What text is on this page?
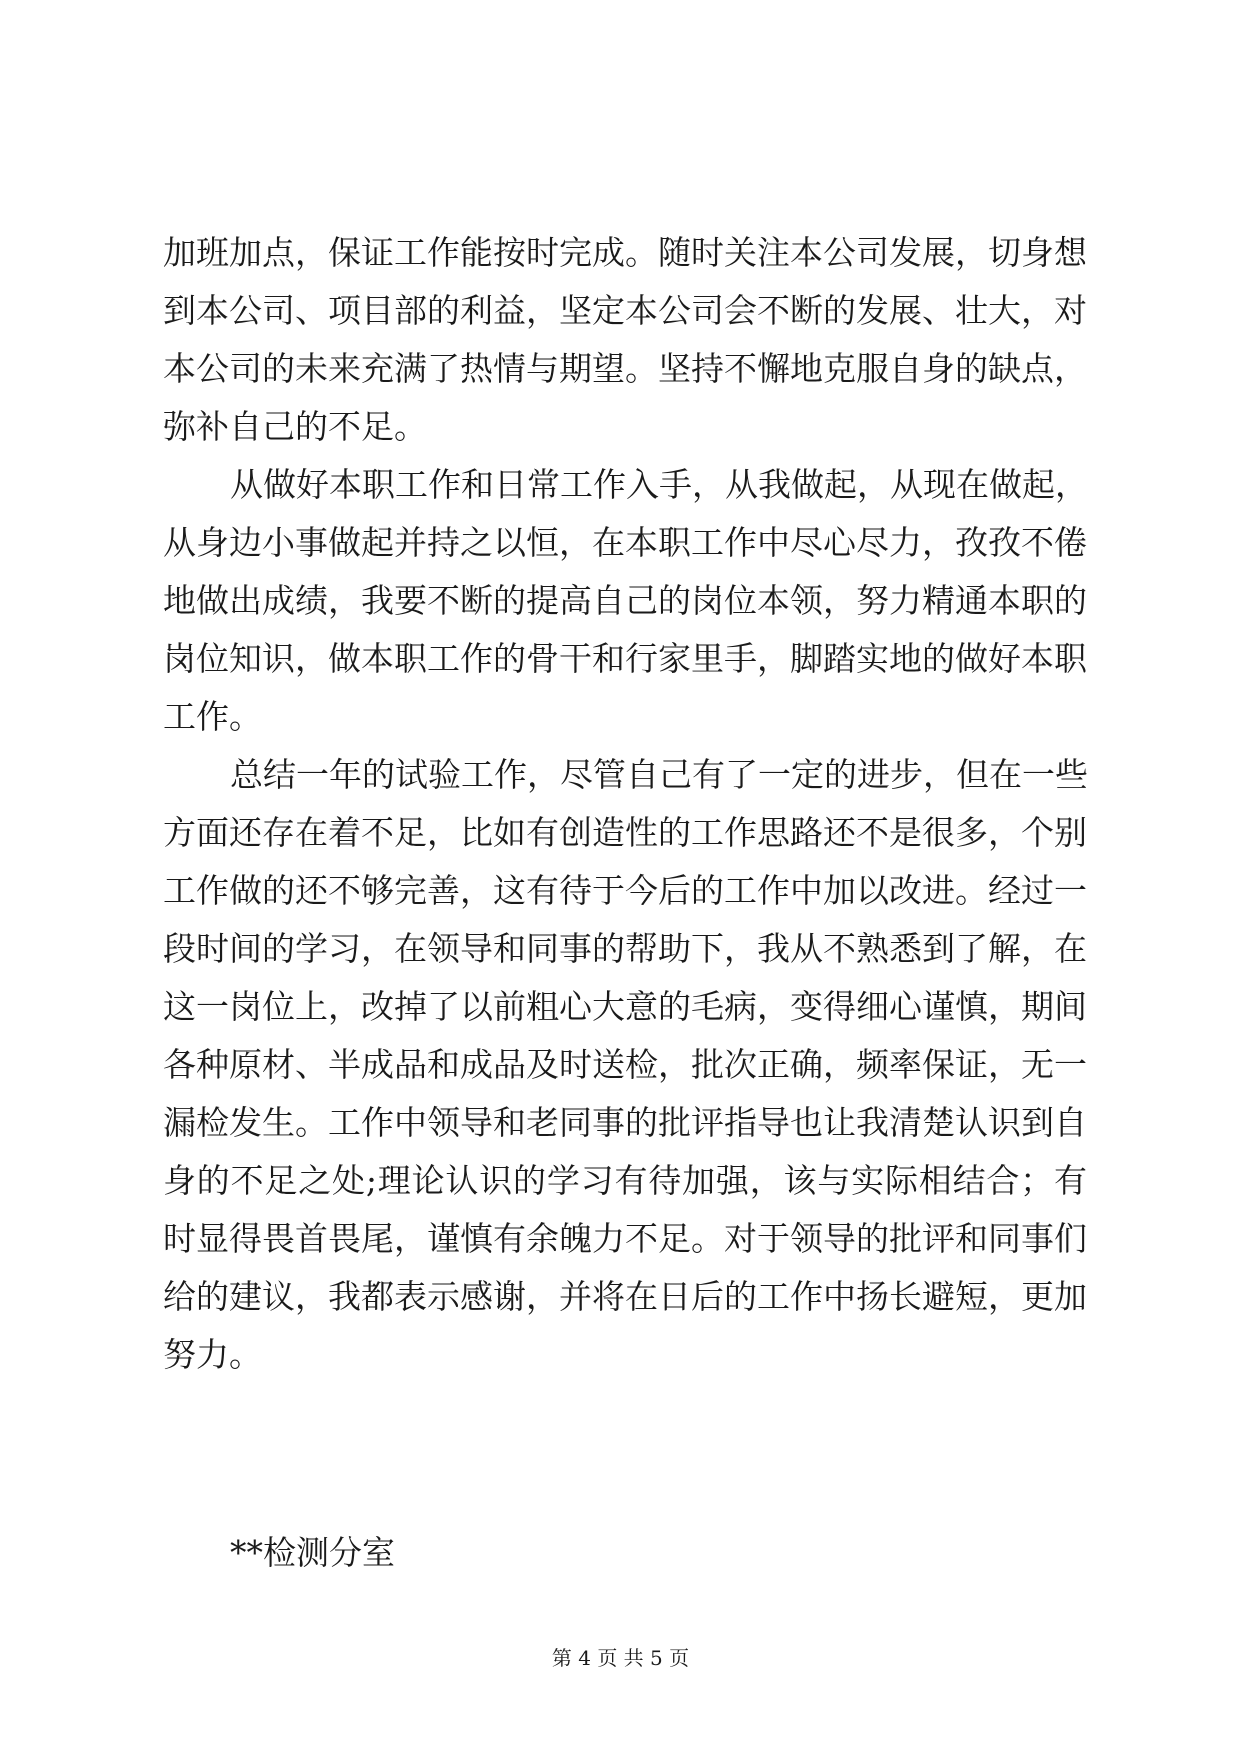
加班加点，保证工作能按时完成。随时关注本公司发展，切身想
到本公司、项目部的利益，坚定本公司会不断的发展、壮大，对
本公司的未来充满了热情与期望。坚持不懈地克服自身的缺点，
弥补自己的不足。
从做好本职工作和日常工作入手，从我做起，从现在做起，
从身边小事做起并持之以恒，在本职工作中尽心尽力，孜孜不倦
地做出成绩，我要不断的提高自己的岗位本领，努力精通本职的
岗位知识，做本职工作的骨干和行家里手，脚踏实地的做好本职
工作。
总结一年的试验工作，尽管自己有了一定的进步，但在一些
方面还存在着不足，比如有创造性的工作思路还不是很多，个别
工作做的还不够完善，这有待于今后的工作中加以改进。经过一
段时间的学习，在领导和同事的帮助下，我从不熟悉到了解，在
这一岗位上，改掉了以前粗心大意的毛病，变得细心谨慎，期间
各种原材、半成品和成品及时送检，批次正确，频率保证，无一
漏检发生。工作中领导和老同事的批评指导也让我清楚认识到自
身的不足之处;理论认识的学习有待加强，该与实际相结合；有
时显得畏首畏尾，谨慎有余魄力不足。对于领导的批评和同事们
给的建议，我都表示感谢，并将在日后的工作中扬长避短，更加
努力。
**检测分室
第 4 页 共 5 页
